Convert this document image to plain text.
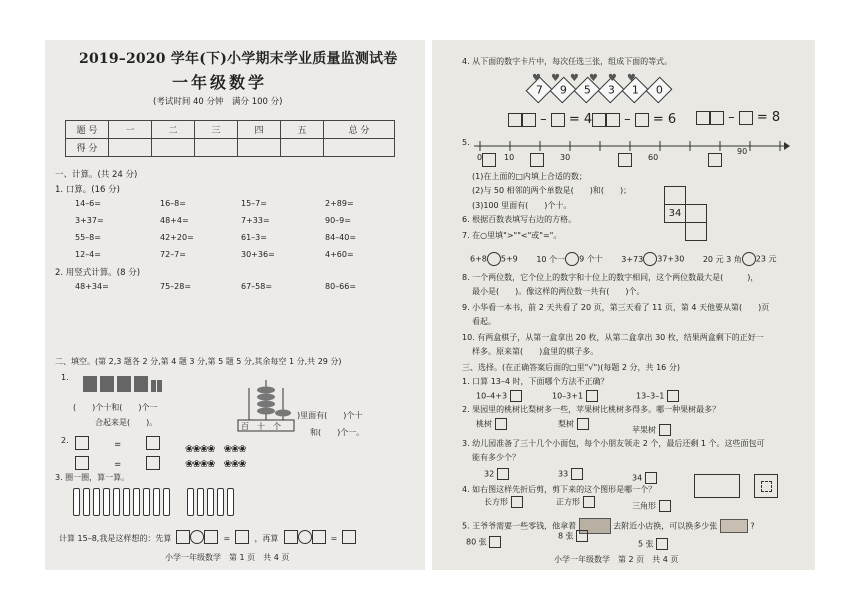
2019–2020 学年(下)小学期末学业质量监测试卷
一年级数学
(考试时间 40 分钟　满分 100 分)
题 号	一	二	三	四	五	总 分
得 分						
一、计算。(共 24 分)
1. 口算。(16 分)
14–6=	16–8=	15–7=	2+89=
3+37=	48+4=	7+33=	90–9=
55–8=	42+20=	61–3=	84–40=
12–4=	72–7=	30+36=	4+60=
2. 用竖式计算。(8 分)
48+34=	75–28=	67–58=	80–66=
二、填空。(第 2,3 题各 2 分,第 4 题 3 分,第 5 题 5 分,其余每空 1 分,共 29 分)
1.
(　　)个十和(　　)个一
合起来是(　　)。	百　十　个
)里面有(　　)个十
和(　　)个一。
2.	=
=
❀❀❀❀　❀❀❀
❀❀❀❀　❀❀❀
3. 圈一圈，算一算。
计算 15–8,我是这样想的：先算	=	，再算	=
小学一年级数学　第 1 页　共 4 页
4. 从下面的数字卡片中，每次任选三张，组成下面的等式。
7	9	5	3	1	0
♥　♥　♥　♥　♥　♥
–  = 4	–  = 6	–  = 8
5.
0	10	30	60
90
(1)在上面的□内填上合适的数；
(2)与 50 相邻的两个单数是(　　)和(　　)；
(3)100 里面有(　　)个十。
6. 根据百数表填写右边的方格。
34
7. 在○里填">""<"或"="。
6+8 5+9 10 个一 9 个十 3+73 37+30 20 元 3 角 23 元
8. 一个两位数，它个位上的数字和十位上的数字相同，这个两位数最大是(　　　)，
最小是(　　)。像这样的两位数一共有(　　)个。
9. 小华看一本书，前 2 天共看了 20 页，第三天看了 11 页，第 4 天他要从第(　　)页
看起。
10. 有两盒棋子，从第一盒拿出 20 枚，从第二盒拿出 30 枚，结果两盒剩下的正好一
样多。原来第(　　)盒里的棋子多。
三、选择。(在正确答案后面的□里"√")(每题 2 分，共 16 分)
1. 口算 13–4 时，下面哪个方法不正确？
10–4+3	10–3+1	13–3–1
2. 果园里的桃树比梨树多一些，苹果树比桃树多得多。哪一种果树最多？
桃树	梨树
苹果树
3. 幼儿园准备了三十几个小面包，每个小朋友领走 2 个，最后还剩 1 个。这些面包可
能有多少个？
32	33	34
4. 如右图这样先折后剪，剪下来的这个图形是哪一个？
长方形	正方形	三角形
5. 王爷爷需要一些零钱，他拿着	去附近小店换，可以换多少张	?
80 张
8 张
5 张
小学一年级数学　第 2 页　共 4 页
